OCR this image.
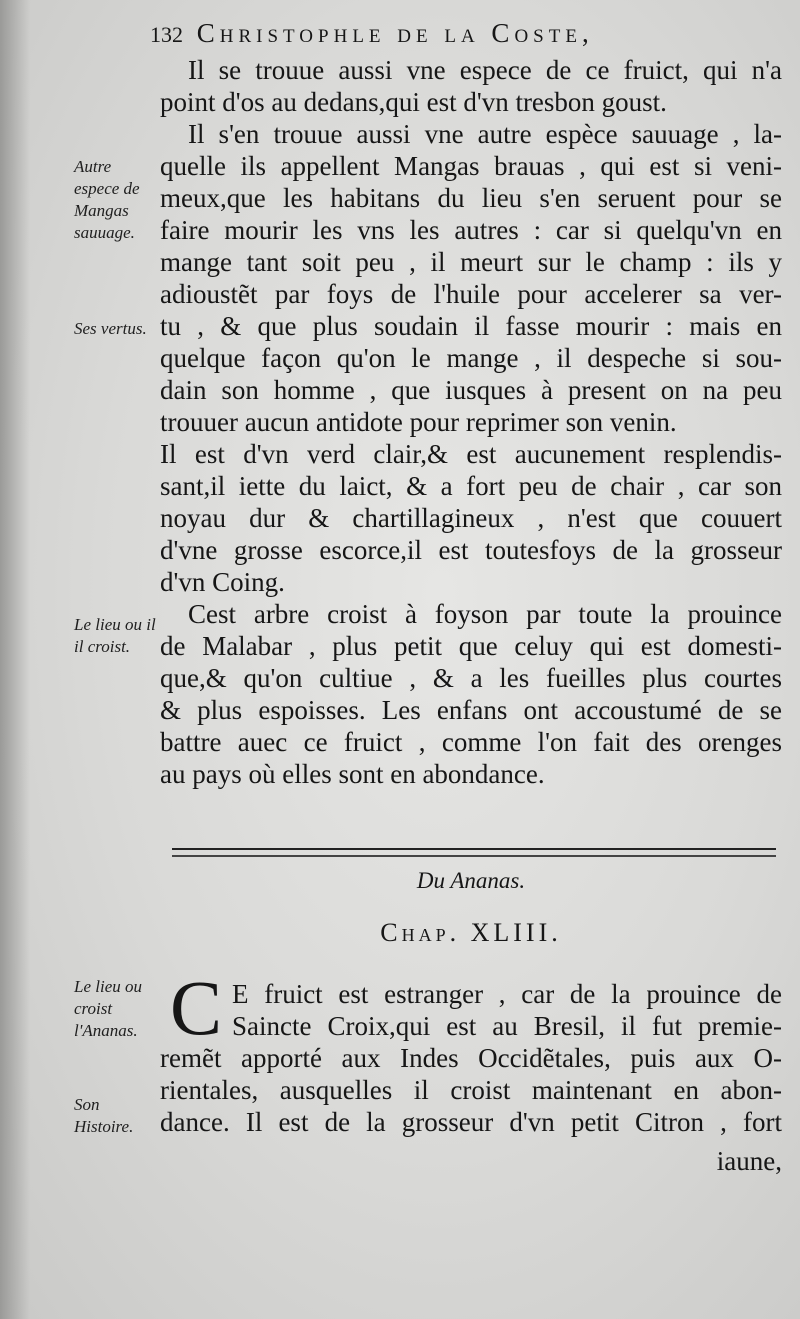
132 Christophle de la Coste,
Il se trouue aussi vne espece de ce fruict, qui n'a
point d'os au dedans,qui est d'vn tresbon goust.
Il s'en trouue aussi vne autre espèce sauuage , la-
quelle ils appellent Mangas brauas , qui est si veni-
meux,que les habitans du lieu s'en seruent pour se
faire mourir les vns les autres : car si quelqu'vn en
mange tant soit peu , il meurt sur le champ : ils y
adioustẽt par foys de l'huile pour accelerer sa ver-
tu , & que plus soudain il fasse mourir : mais en
quelque façon qu'on le mange , il despeche si sou-
dain son homme , que iusques à present on na peu
trouuer aucun antidote pour reprimer son venin.
Il est d'vn verd clair,& est aucunement resplendis-
sant,il iette du laict, & a fort peu de chair , car son
noyau dur & chartillagineux , n'est que couuert
d'vne grosse escorce,il est toutesfoys de la grosseur
d'vn Coing.
Cest arbre croist à foyson par toute la prouince
de Malabar , plus petit que celuy qui est domesti-
que,& qu'on cultiue , & a les fueilles plus courtes
& plus espoisses. Les enfans ont accoustumé de se
battre auec ce fruict , comme l'on fait des orenges
au pays où elles sont en abondance.
Autre espece de Mangas sauuage.
Ses vertus.
Le lieu ou il il croist.
Le lieu ou croist l'Ananas.
Son Histoire.
Du Ananas.
Chap. XLIII.
C E fruict est estranger , car de la prouince de
Saincte Croix,qui est au Bresil, il fut premie-
remẽt apporté aux Indes Occidẽtales, puis aux O-
rientales, ausquelles il croist maintenant en abon-
dance. Il est de la grosseur d'vn petit Citron , fort
iaune,
